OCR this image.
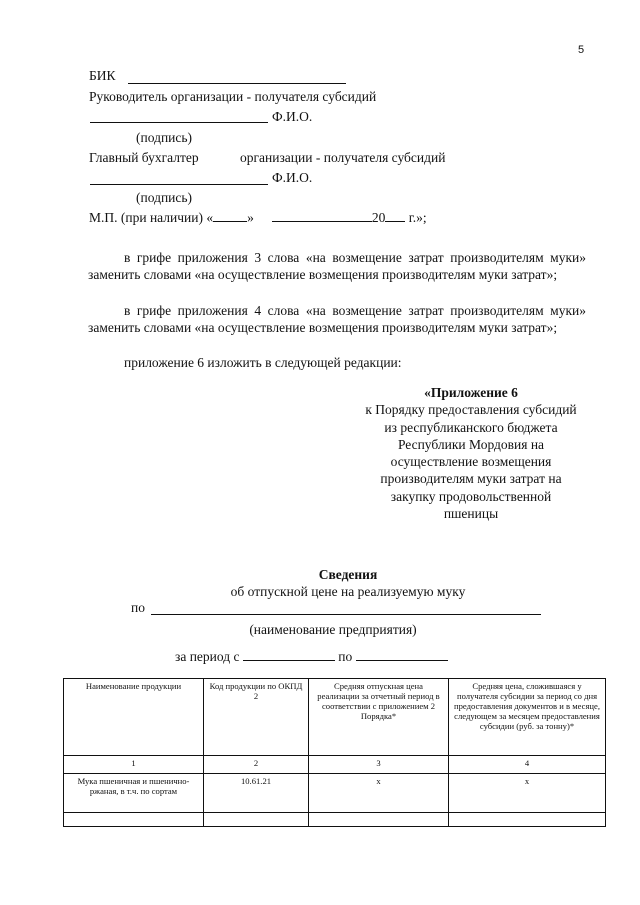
5
БИК
Руководитель организации - получателя субсидий
Ф.И.О.
(подпись)
Главный бухгалтер	организации - получателя субсидий
Ф.И.О.
(подпись)
М.П. (при наличии) «	»	20 г.»;
в грифе приложения 3 слова «на возмещение затрат производителям муки» заменить словами «на осуществление возмещения производителям муки затрат»;
в грифе приложения 4 слова «на возмещение затрат производителям муки» заменить словами «на осуществление возмещения производителям муки затрат»;
приложение 6 изложить в следующей редакции:
«Приложение 6
к Порядку предоставления субсидий
из республиканского бюджета
Республики Мордовия на
осуществление возмещения
производителям муки затрат на
закупку продовольственной
пшеницы
Сведения
об отпускной цене на реализуемую муку
по
(наименование предприятия)
за период с	по
Наименование продукции	Код продукции по ОКПД 2	Средняя отпускная цена реализации за отчетный период в соответствии с приложением 2 Порядка*	Средняя цена, сложившаяся у получателя субсидии за период со дня предоставления документов и в месяце, следующем за месяцем предоставления субсидии (руб. за тонну)*
1	2	3	4
Мука пшеничная и пшенично-ржаная, в т.ч. по сортам	10.61.21	x	x
